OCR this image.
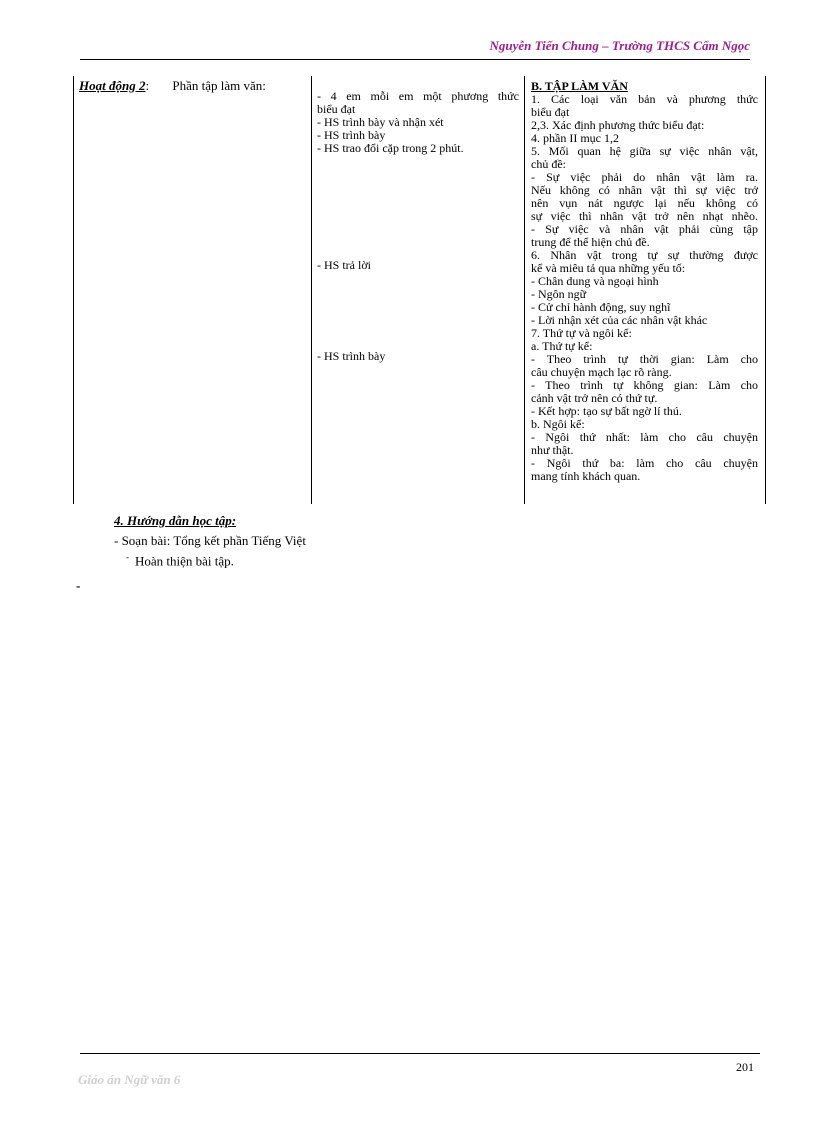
Nguyễn Tiến Chung – Trường THCS Cẩm Ngọc
Hoạt động 2: Phần tập làm văn:
- 4 em mỗi em một phương thức
biểu đạt
- HS trình bày và nhận xét
- HS trình bày
- HS trao đổi cặp trong 2 phút.
- HS trả lời
- HS trình bày
B. TẬP LÀM VĂN
1. Các loại văn bản và phương thức
biểu đạt
2,3. Xác định phương thức biểu đạt:
4. phần II mục 1,2
5. Mối quan hệ giữa sự việc nhân vật,
chủ đề:
- Sự việc phải do nhân vật làm ra.
Nếu không có nhân vật thì sự việc trở
nên vụn nát ngược lại nếu không có
sự việc thì nhân vật trở nên nhạt nhẽo.
- Sự việc và nhân vật phải cùng tập
trung để thể hiện chủ đề.
6. Nhân vật trong tự sự thường được
kể và miêu tả qua những yếu tố:
- Chân dung và ngoại hình
- Ngôn ngữ
- Cử chỉ hành động, suy nghĩ
- Lời nhận xét của các nhân vật khác
7. Thứ tự và ngôi kể:
a. Thứ tự kể:
- Theo trình tự thời gian: Làm cho
câu chuyện mạch lạc rõ ràng.
- Theo trình tự không gian: Làm cho
cảnh vật trở nên có thứ tự.
- Kết hợp: tạo sự bất ngờ lí thú.
b. Ngôi kể:
- Ngôi thứ nhất: làm cho câu chuyện
như thật.
- Ngôi thứ ba: làm cho câu chuyện
mang tính khách quan.
4. Hướng dẫn học tập:
- Soạn bài: Tổng kết phần Tiếng Việt
- Hoàn thiện bài tập.
-
201
Giáo án Ngữ văn 6
